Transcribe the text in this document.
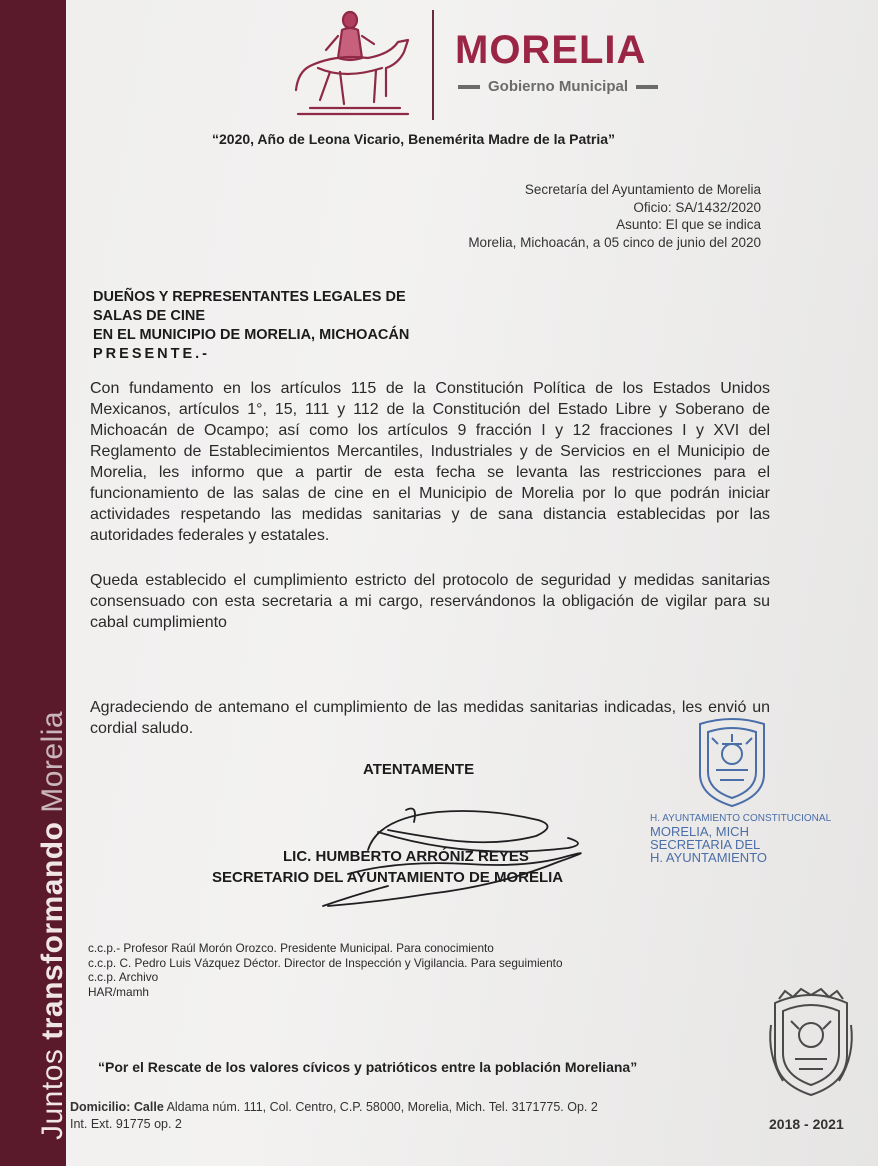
Juntos transformando Morelia
MORELIA
Gobierno Municipal
“2020, Año de Leona Vicario, Benemérita Madre de la Patria”
Secretaría del Ayuntamiento de Morelia
Oficio: SA/1432/2020
Asunto: El que se indica
Morelia, Michoacán, a 05 cinco de junio del 2020
DUEÑOS Y REPRESENTANTES LEGALES DE
SALAS DE CINE
EN EL MUNICIPIO DE MORELIA, MICHOACÁN
PRESENTE.-
Con fundamento en los artículos 115 de la Constitución Política de los Estados Unidos Mexicanos, artículos 1°, 15, 111 y 112 de la Constitución del Estado Libre y Soberano de Michoacán de Ocampo; así como los artículos 9 fracción I y 12 fracciones I y XVI del Reglamento de Establecimientos Mercantiles, Industriales y de Servicios en el Municipio de Morelia, les informo que a partir de esta fecha se levanta las restricciones para el funcionamiento de las salas de cine en el Municipio de Morelia por lo que podrán iniciar actividades respetando las medidas sanitarias y de sana distancia establecidas por las autoridades federales y estatales.
Queda establecido el cumplimiento estricto del protocolo de seguridad y medidas sanitarias consensuado con esta secretaria a mi cargo, reservándonos la obligación de vigilar para su cabal cumplimiento
Agradeciendo de antemano el cumplimiento de las medidas sanitarias indicadas, les envió un cordial saludo.
ATENTAMENTE
LIC. HUMBERTO ARRÓNIZ REYES
SECRETARIO DEL AYUNTAMIENTO DE MORELIA
H. AYUNTAMIENTO CONSTITUCIONAL
MORELIA, MICH
SECRETARIA DEL
H. AYUNTAMIENTO
c.c.p.- Profesor Raúl Morón Orozco. Presidente Municipal. Para conocimiento
c.c.p. C. Pedro Luis Vázquez Déctor. Director de Inspección y Vigilancia. Para seguimiento
c.c.p. Archivo
HAR/mamh
“Por el Rescate de los valores cívicos y patrióticos entre la población Moreliana”
Domicilio: Calle Aldama núm. 111, Col. Centro, C.P. 58000, Morelia, Mich. Tel. 3171775. Op. 2
Int. Ext. 91775 op. 2	2018 - 2021
